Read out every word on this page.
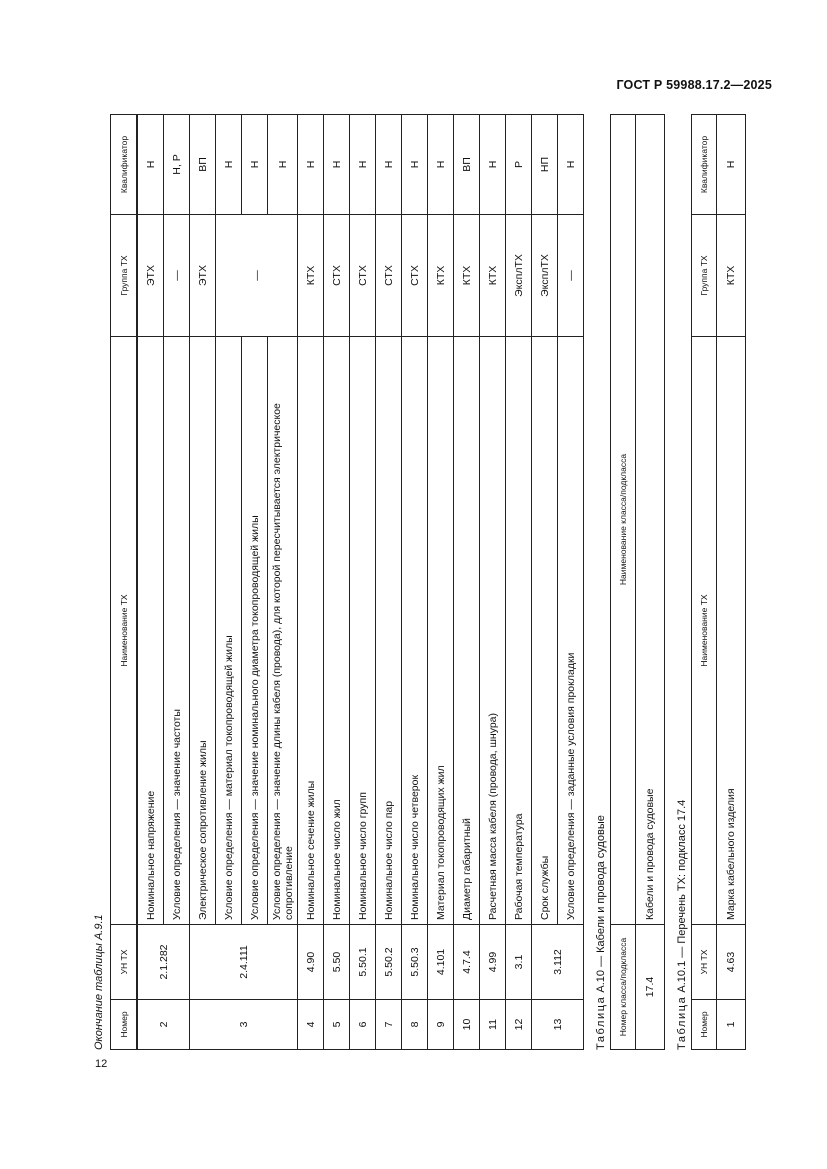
ГОСТ Р 59988.17.2—2025
12
Окончание таблицы А.9.1 Номер	УН ТХ	Наименование ТХ	Группа ТХ	Квалификатор
2	2.1.282	Номинальное напряжение	ЭТХ	Н
		Условие определения — значение частоты	—	Н, Р
3	2.4.111	Электрическое сопротивление жилы	ЭТХ	ВП
		Условие определения — материал токопроводящей жилы	—	Н
		Условие определения — значение номинального диаметра токопроводящей жилы		Н
		Условие определения — значение длины кабеля (провода), для которой пересчитывается электрическое сопротивление		Н
4	4.90	Номинальное сечение жилы	КТХ	Н
5	5.50	Номинальное число жил	СТХ	Н
6	5.50.1	Номинальное число групп	СТХ	Н
7	5.50.2	Номинальное число пар	СТХ	Н
8	5.50.3	Номинальное число четверок	СТХ	Н
9	4.101	Материал токопроводящих жил	КТХ	Н
10	4.7.4	Диаметр габаритный	КТХ	ВП
11	4.99	Расчетная масса кабеля (провода, шнура)	КТХ	Н
12	3.1	Рабочая температура	ЭксплТХ	Р
13	3.112	Срок службы	ЭксплТХ	НП
		Условие определения — заданные условия прокладки	—	Н
Таблица А.10 — Кабели и провода судовые Номер класса/подкласса	Наименование класса/подкласса
17.4	Кабели и провода судовые
Таблица А.10.1 — Перечень ТХ: подкласс 17.4
Номер	УН ТХ	Наименование ТХ	Группа ТХ	Квалификатор
1	4.63	Марка кабельного изделия	КТХ	Н
